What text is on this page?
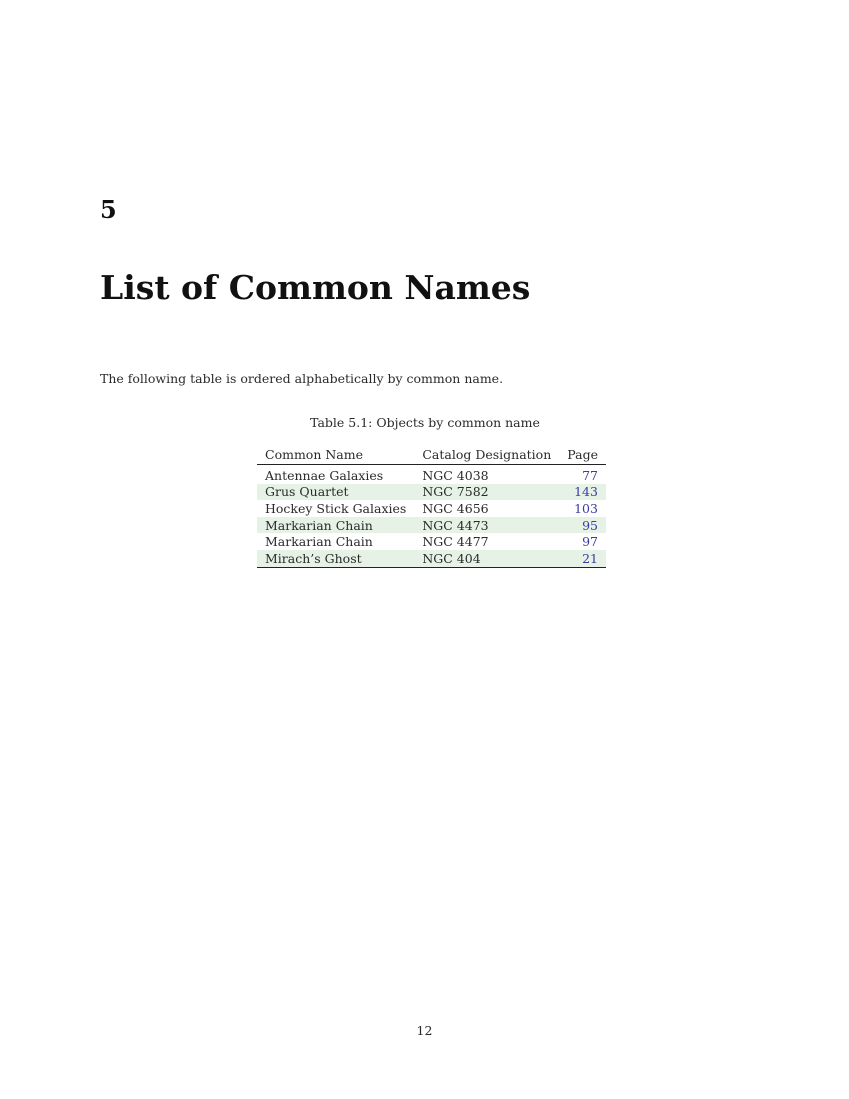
5
List of Common Names

The following table is ordered alphabetically by common name.

Table 5.1: Objects by common name
Common Name	Catalog Designation	Page
Antennae Galaxies	NGC 4038	77
Grus Quartet	NGC 7582	143
Hockey Stick Galaxies	NGC 4656	103
Markarian Chain	NGC 4473	95
Markarian Chain	NGC 4477	97
Mirach’s Ghost	NGC 404	21
12
